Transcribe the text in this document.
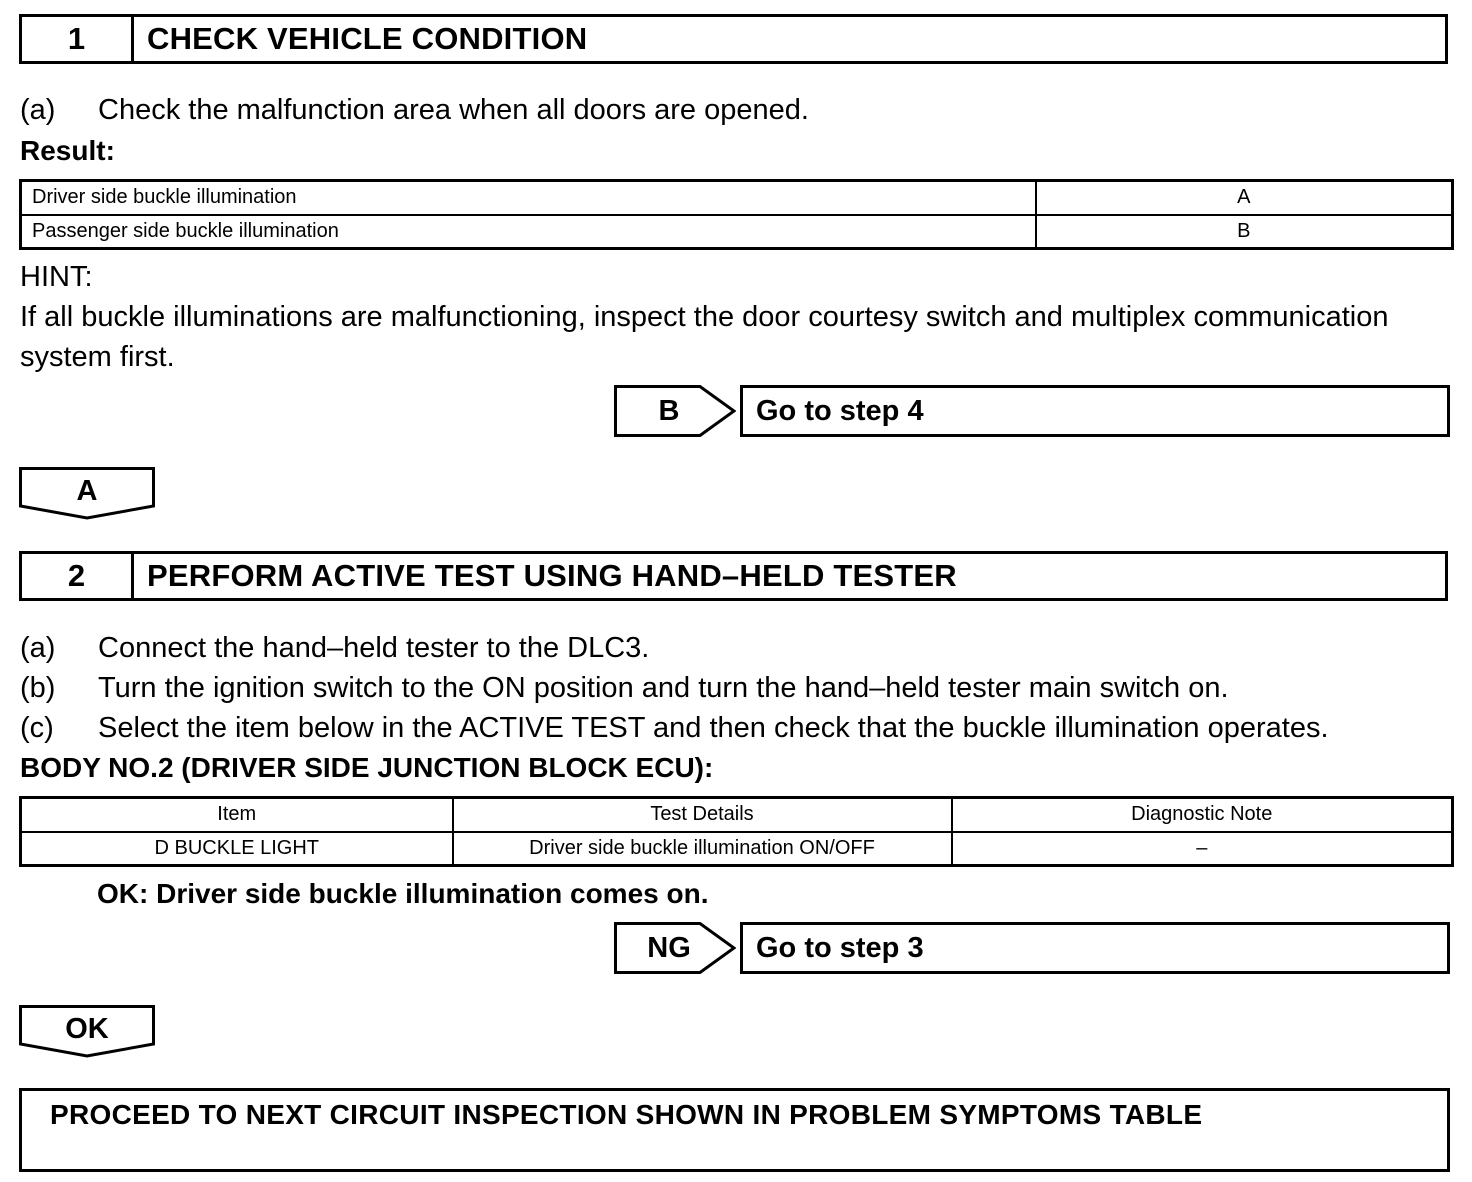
1	CHECK VEHICLE CONDITION
(a) Check the malfunction area when all doors are opened.
Result:
Driver side buckle illumination	A
Passenger side buckle illumination	B
HINT:
If all buckle illuminations are malfunctioning, inspect the door courtesy switch and multiplex communication
system first.
B	Go to step 4
A
2	PERFORM ACTIVE TEST USING HAND–HELD TESTER
(a) Connect the hand–held tester to the DLC3.
(b) Turn the ignition switch to the ON position and turn the hand–held tester main switch on.
(c) Select the item below in the ACTIVE TEST and then check that the buckle illumination operates.
BODY NO.2 (DRIVER SIDE JUNCTION BLOCK ECU):
Item	Test Details	Diagnostic Note
D BUCKLE LIGHT	Driver side buckle illumination ON/OFF	–
OK: Driver side buckle illumination comes on.
NG	Go to step 3
OK
PROCEED TO NEXT CIRCUIT INSPECTION SHOWN IN PROBLEM SYMPTOMS TABLE
